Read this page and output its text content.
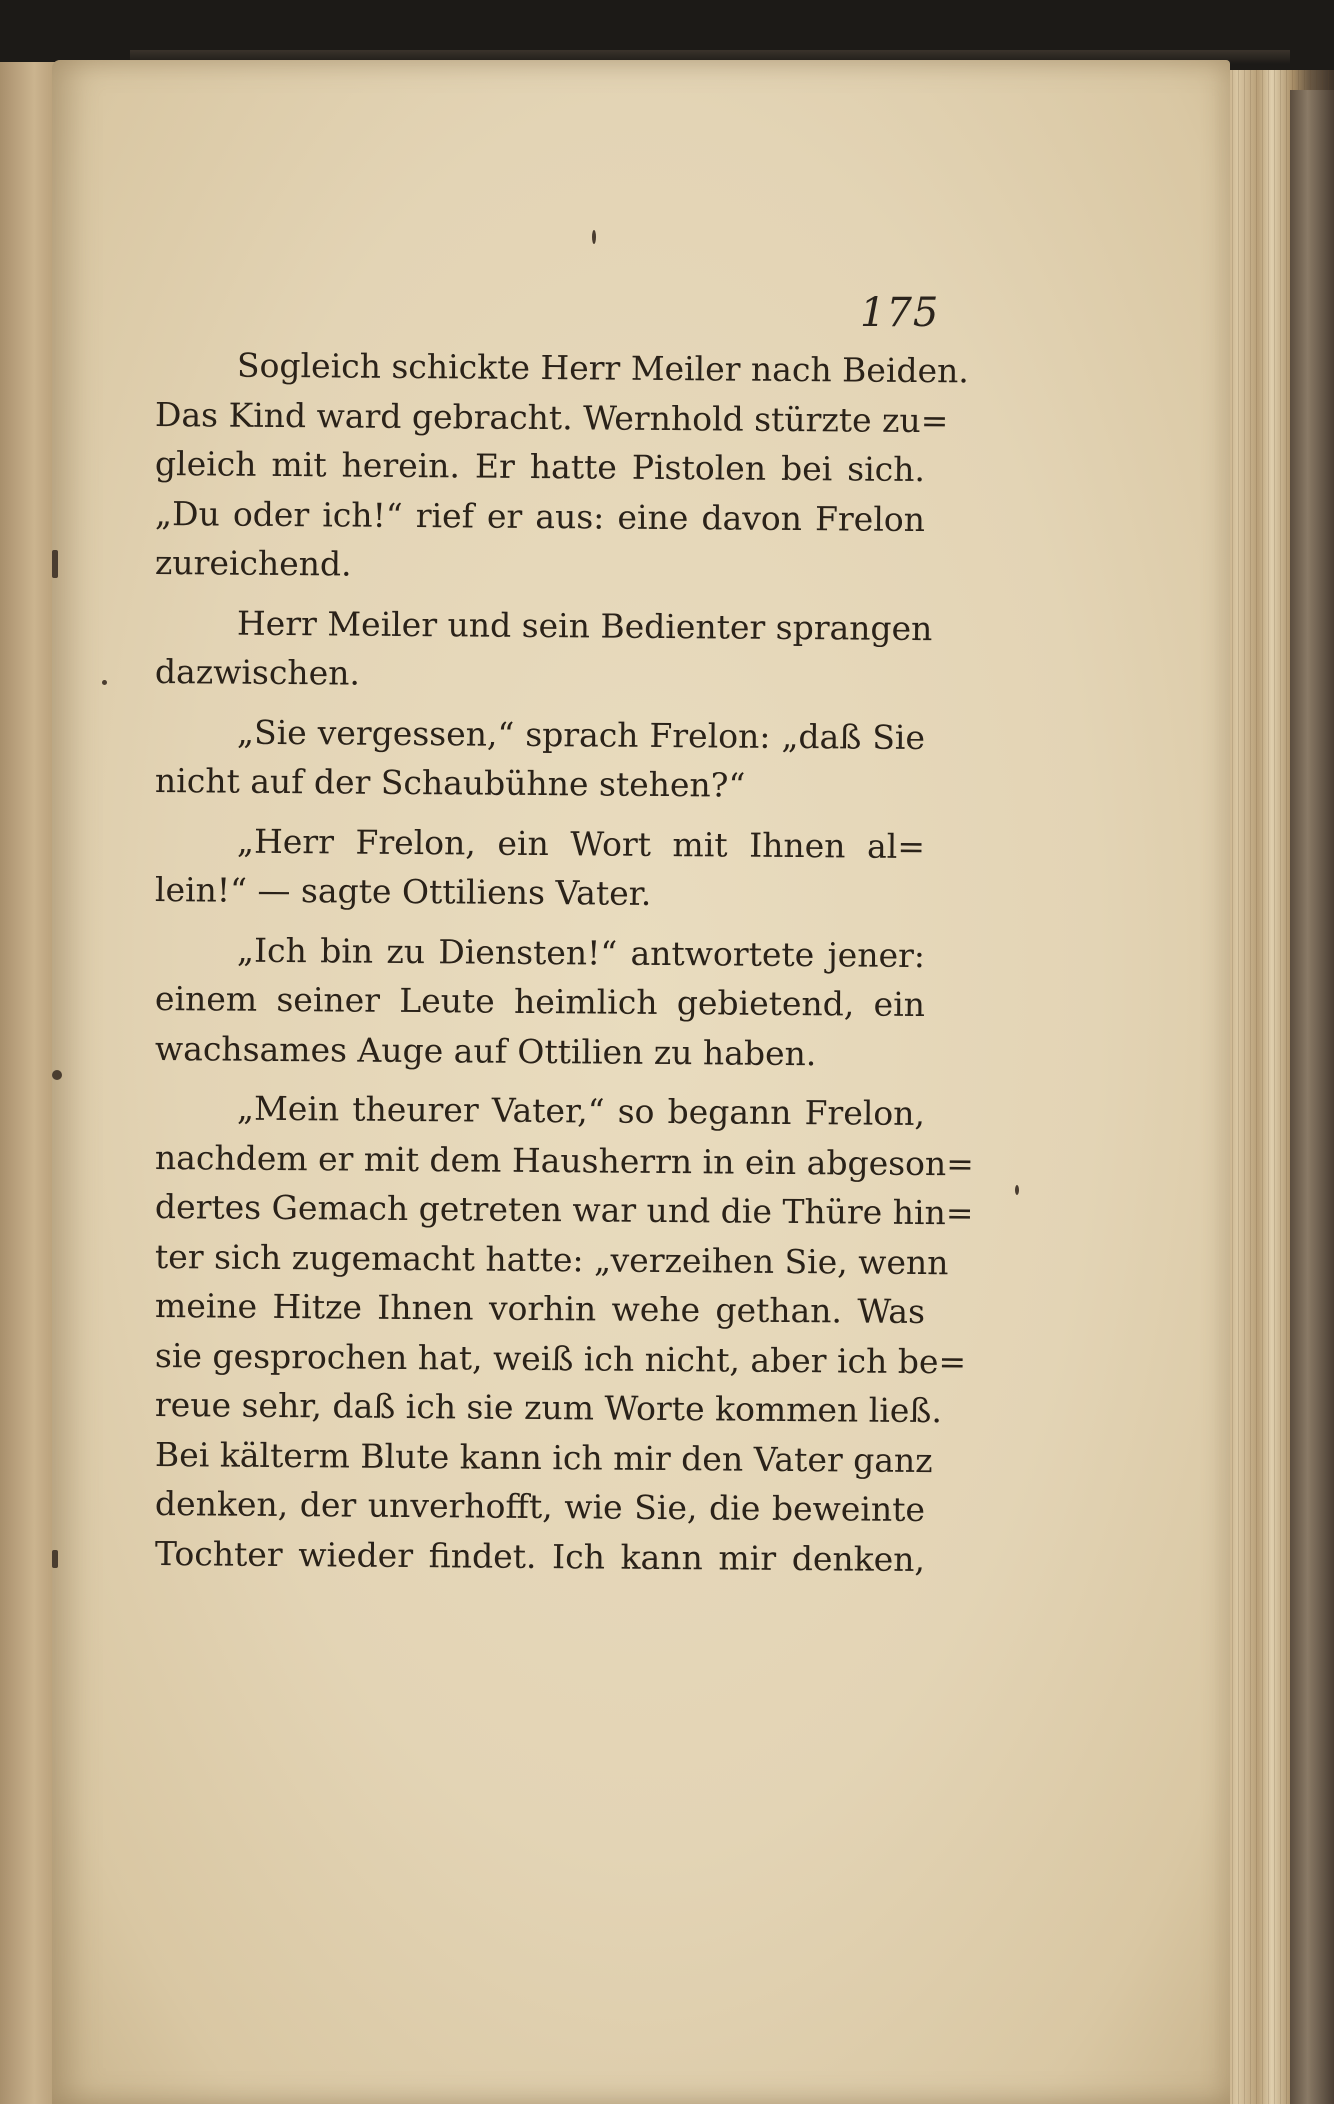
175
Sogleich schickte Herr Meiler nach Beiden.
Das Kind ward gebracht. Wernhold stürzte zu=
gleich mit herein. Er hatte Pistolen bei sich.
„Du oder ich!“ rief er aus: eine davon Frelon
zureichend.
Herr Meiler und sein Bedienter sprangen
dazwischen.
„Sie vergessen,“ sprach Frelon: „daß Sie
nicht auf der Schaubühne stehen?“
„Herr Frelon, ein Wort mit Ihnen al=
lein!“ — sagte Ottiliens Vater.
„Ich bin zu Diensten!“ antwortete jener:
einem seiner Leute heimlich gebietend, ein
wachsames Auge auf Ottilien zu haben.
„Mein theurer Vater,“ so begann Frelon,
nachdem er mit dem Hausherrn in ein abgeson=
dertes Gemach getreten war und die Thüre hin=
ter sich zugemacht hatte: „verzeihen Sie, wenn
meine Hitze Ihnen vorhin wehe gethan. Was
sie gesprochen hat, weiß ich nicht, aber ich be=
reue sehr, daß ich sie zum Worte kommen ließ.
Bei kälterm Blute kann ich mir den Vater ganz
denken, der unverhofft, wie Sie, die beweinte
Tochter wieder findet. Ich kann mir denken,
